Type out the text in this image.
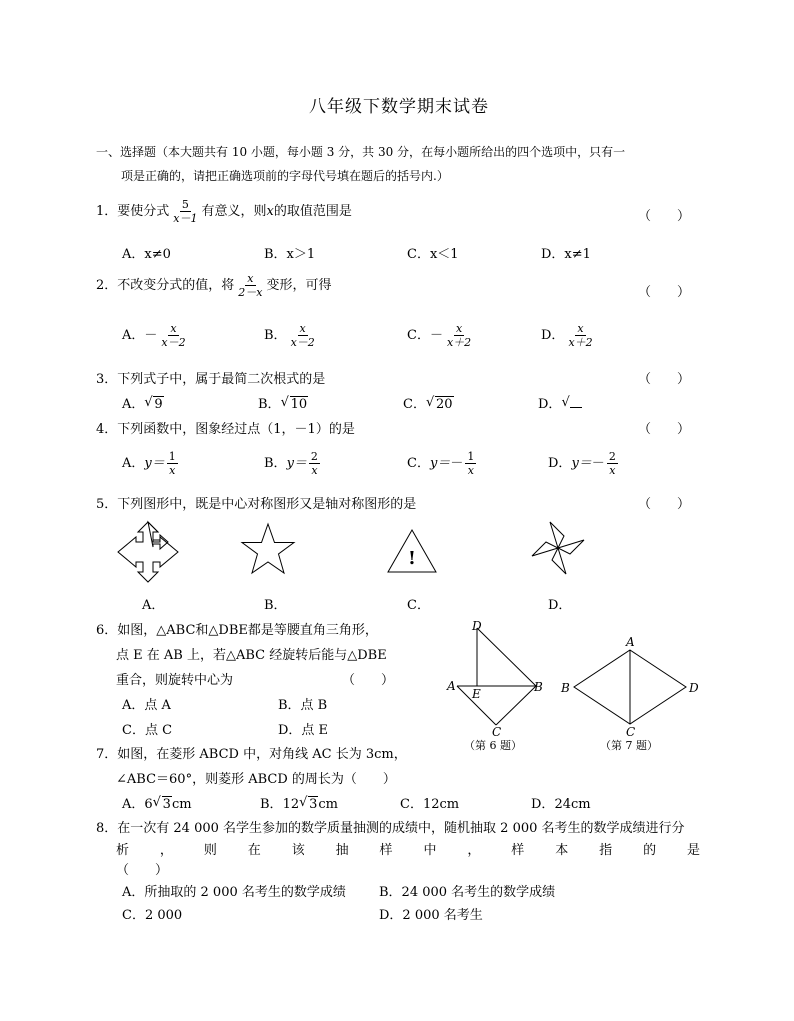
八年级下数学期末试卷
一、选择题（本大题共有 10 小题，每小题 3 分，共 30 分，在每小题所给出的四个选项中，只有一
项是正确的，请把正确选项前的字母代号填在题后的括号内.）
1．要使分式 $\frac{5}{x-1}$ 有意义，则x的取值范围是	（　　）
A．x≠0	B．x＞1	C．x＜1	D．x≠1
2．不改变分式的值，将 $\frac{x}{2-x}$ 变形，可得	（　　）
A．－ $\frac{x}{x-2}$	B． $\frac{x}{x-2}$	C．－ $\frac{x}{x+2}$	D． $\frac{x}{x+2}$
3．下列式子中，属于最简二次根式的是	（　　）
A． √ 9	B． √ 10	C． √ 20	D．√
4．下列函数中，图象经过点（1，－1）的是	（　　）
A．$y= \frac{1}{x}$	B．$y= \frac{2}{x}$	C．$y=- \frac{1}{x}$	D．$y=- \frac{2}{x}$
5．下列图形中，既是中心对称图形又是轴对称图形的是	（　　）
!
A．	B．	C．	D．
6．如图，△ABC和△DBE都是等腰直角三角形，
点 E 在 AB 上，若△ABC 经旋转后能与△DBE
重合，则旋转中心为	（　　）
A．点 A	B．点 B
C．点 C	D．点 E
D
A
E	B
C
（第 6 题）
A
B
C
D
（第 7 题）
7．如图，在菱形 ABCD 中，对角线 AC 长为 3cm，
∠ABC＝60°，则菱形 ABCD 的周长为（　　）
A．6 √ 3cm	B．12 √ 3cm	C．12cm	D．24cm
8．在一次有 24 000 名学生参加的数学质量抽测的成绩中，随机抽取 2 000 名考生的数学成绩进行分
析 ， 则 在 该 抽 样 中 ， 样 本 指 的 是
（　　）
A．所抽取的 2 000 名考生的数学成绩	B．24 000 名考生的数学成绩
C．2 000	D．2 000 名考生
